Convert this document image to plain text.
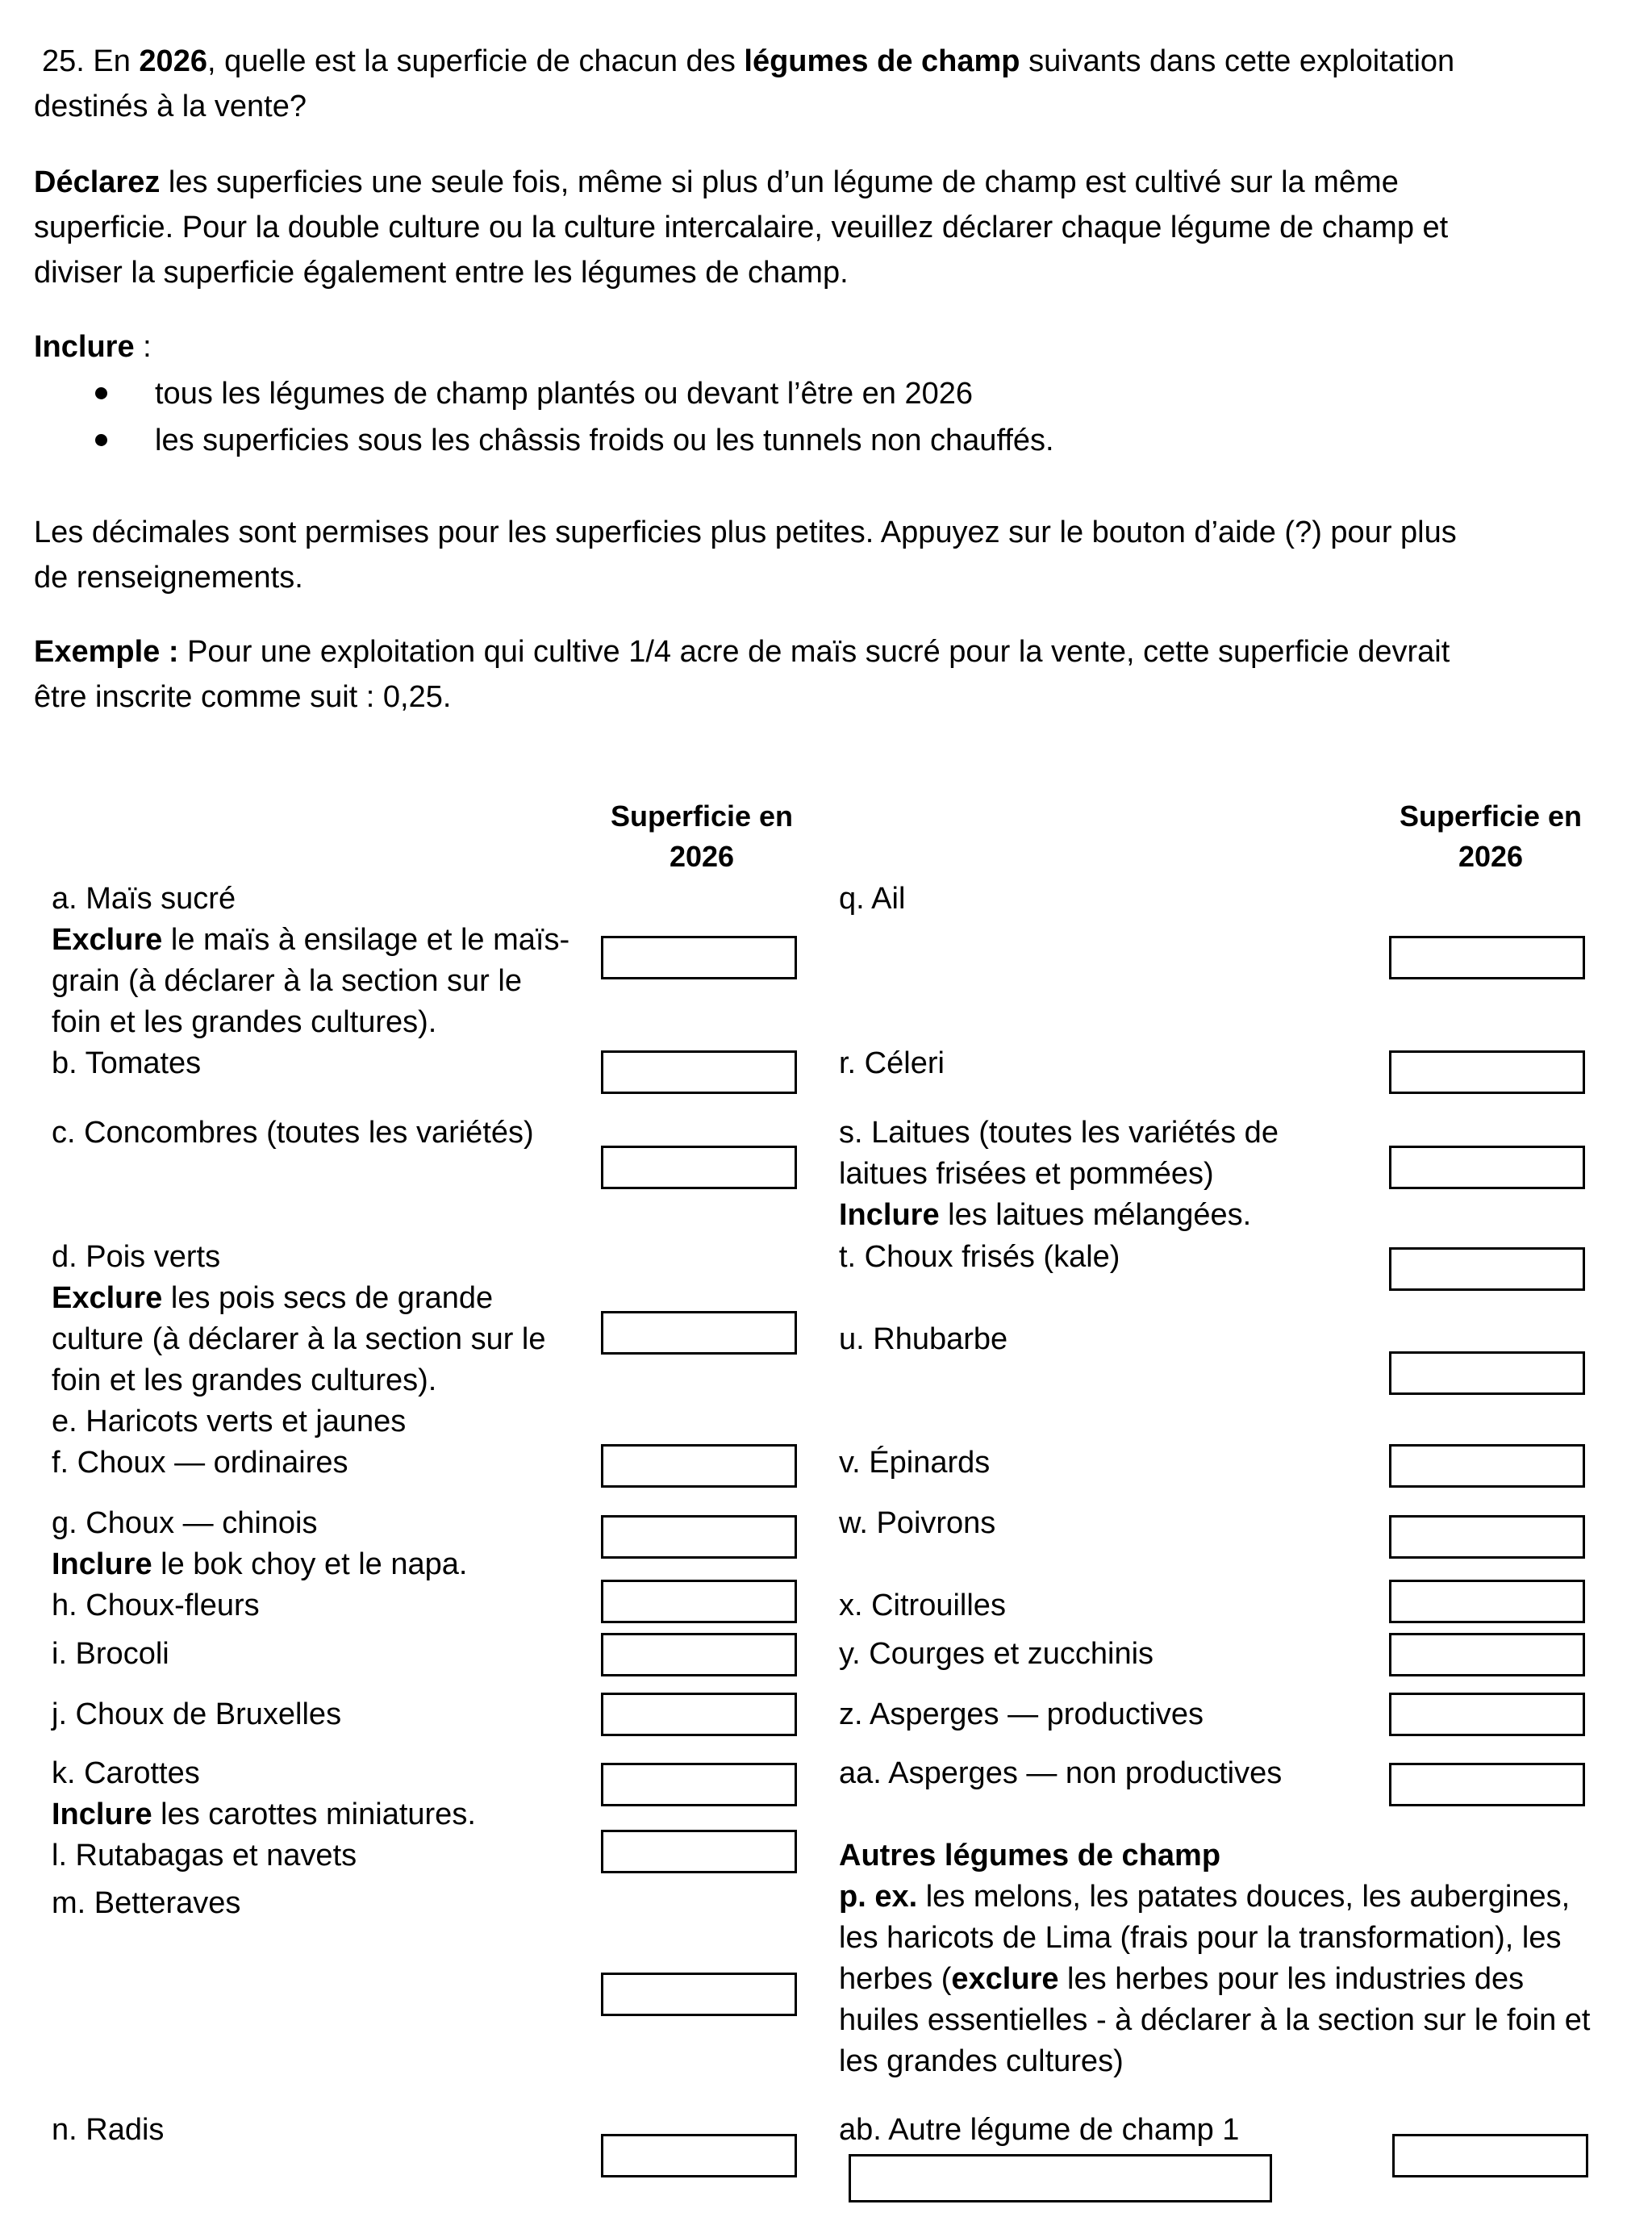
25. En 2026, quelle est la superficie de chacun des légumes de champ suivants dans cette exploitation
destinés à la vente?
Déclarez les superficies une seule fois, même si plus d’un légume de champ est cultivé sur la même
superficie. Pour la double culture ou la culture intercalaire, veuillez déclarer chaque légume de champ et
diviser la superficie également entre les légumes de champ.
Inclure :
tous les légumes de champ plantés ou devant l’être en 2026
les superficies sous les châssis froids ou les tunnels non chauffés.
Les décimales sont permises pour les superficies plus petites. Appuyez sur le bouton d’aide (?) pour plus
de renseignements.
Exemple : Pour une exploitation qui cultive 1/4 acre de maïs sucré pour la vente, cette superficie devrait
être inscrite comme suit : 0,25.
Superficie en
2026
Superficie en
2026
a. Maïs sucré
Exclure le maïs à ensilage et le maïs-
grain (à déclarer à la section sur le
foin et les grandes cultures).
b. Tomates
c. Concombres (toutes les variétés)
d. Pois verts
Exclure les pois secs de grande
culture (à déclarer à la section sur le
foin et les grandes cultures).
e. Haricots verts et jaunes
f. Choux — ordinaires
g. Choux — chinois
Inclure le bok choy et le napa.
h. Choux-fleurs
i. Brocoli
j. Choux de Bruxelles
k. Carottes
Inclure les carottes miniatures.
l. Rutabagas et navets
m. Betteraves
n. Radis
q. Ail
r. Céleri
s. Laitues (toutes les variétés de
laitues frisées et pommées)
Inclure les laitues mélangées.
t. Choux frisés (kale)
u. Rhubarbe
v. Épinards
w. Poivrons
x. Citrouilles
y. Courges et zucchinis
z. Asperges — productives
aa. Asperges — non productives
Autres légumes de champ
p. ex. les melons, les patates douces, les aubergines,
les haricots de Lima (frais pour la transformation), les
herbes (exclure les herbes pour les industries des
huiles essentielles - à déclarer à la section sur le foin et
les grandes cultures)
ab. Autre légume de champ 1
